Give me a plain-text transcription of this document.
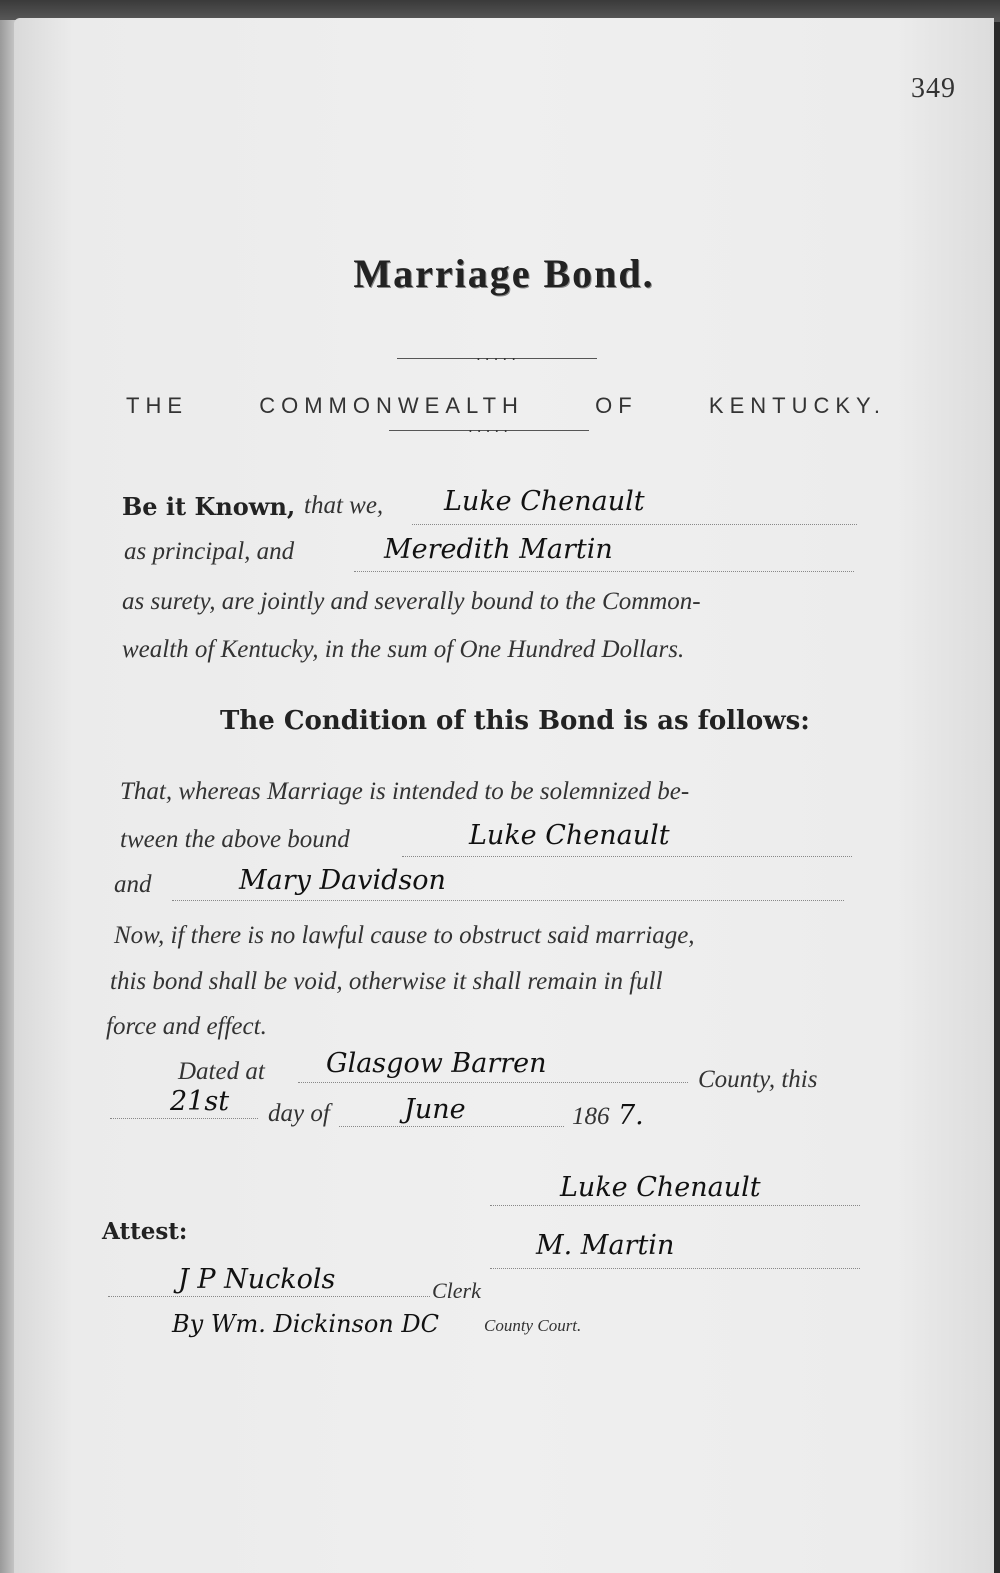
349
Marriage Bond.
• • • • •
THE COMMONWEALTH OF KENTUCKY.
• • • • •
Be it Known, that we, Luke Chenault
as principal, and	Meredith Martin
as surety, are jointly and severally bound to the Common-
wealth of Kentucky, in the sum of One Hundred Dollars.
The Condition of this Bond is as follows:
That, whereas Marriage is intended to be solemnized be-
tween the above bound	Luke Chenault
and	Mary Davidson
Now, if there is no lawful cause to obstruct said marriage,
this bond shall be void, otherwise it shall remain in full
force and effect.
Dated at Glasgow Barren
County, this
21st day of	June	186 7.
Luke Chenault
Attest:	M. Martin
J P Nuckols	Clerk
By Wm. Dickinson DC	County Court.
